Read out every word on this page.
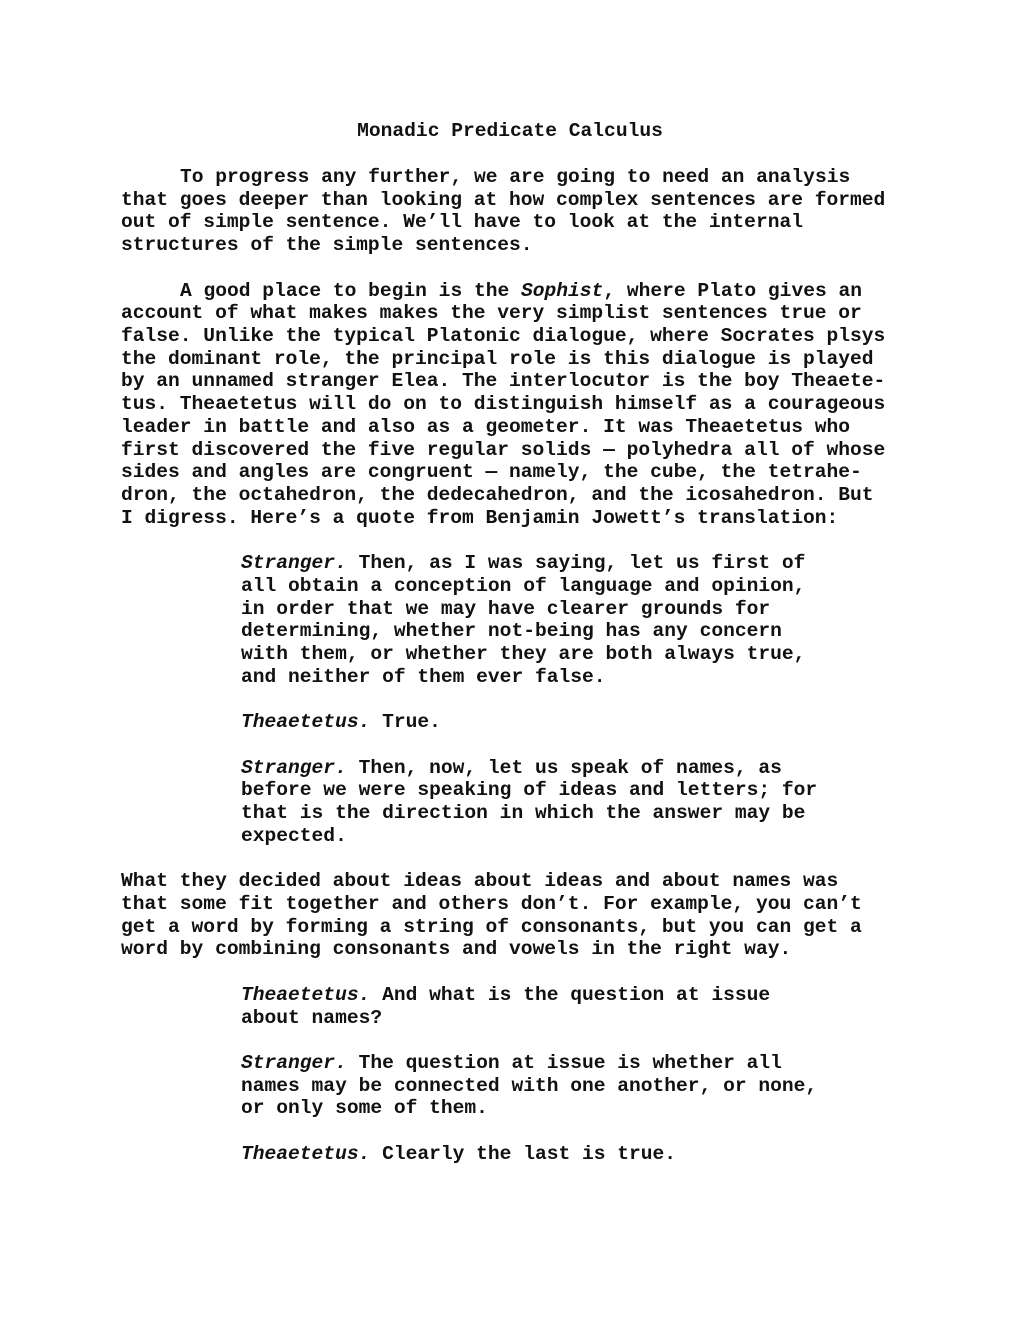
Monadic Predicate Calculus
To progress any further, we are going to need an analysis
that goes deeper than looking at how complex sentences are formed
out of simple sentence. We’ll have to look at the internal
structures of the simple sentences.
A good place to begin is the Sophist, where Plato gives an
account of what makes makes the very simplist sentences true or
false. Unlike the typical Platonic dialogue, where Socrates plsys
the dominant role, the principal role is this dialogue is played
by an unnamed stranger Elea. The interlocutor is the boy Theaete-
tus. Theaetetus will do on to distinguish himself as a courageous
leader in battle and also as a geometer. It was Theaetetus who
first discovered the five regular solids — polyhedra all of whose
sides and angles are congruent — namely, the cube, the tetrahe-
dron, the octahedron, the dedecahedron, and the icosahedron. But
I digress. Here’s a quote from Benjamin Jowett’s translation:
Stranger. Then, as I was saying, let us first of
all obtain a conception of language and opinion,
in order that we may have clearer grounds for
determining, whether not-being has any concern
with them, or whether they are both always true,
and neither of them ever false.
Theaetetus. True.
Stranger. Then, now, let us speak of names, as
before we were speaking of ideas and letters; for
that is the direction in which the answer may be
expected.
What they decided about ideas about ideas and about names was
that some fit together and others don’t. For example, you can’t
get a word by forming a string of consonants, but you can get a
word by combining consonants and vowels in the right way.
Theaetetus. And what is the question at issue
about names?
Stranger. The question at issue is whether all
names may be connected with one another, or none,
or only some of them.
Theaetetus. Clearly the last is true.
